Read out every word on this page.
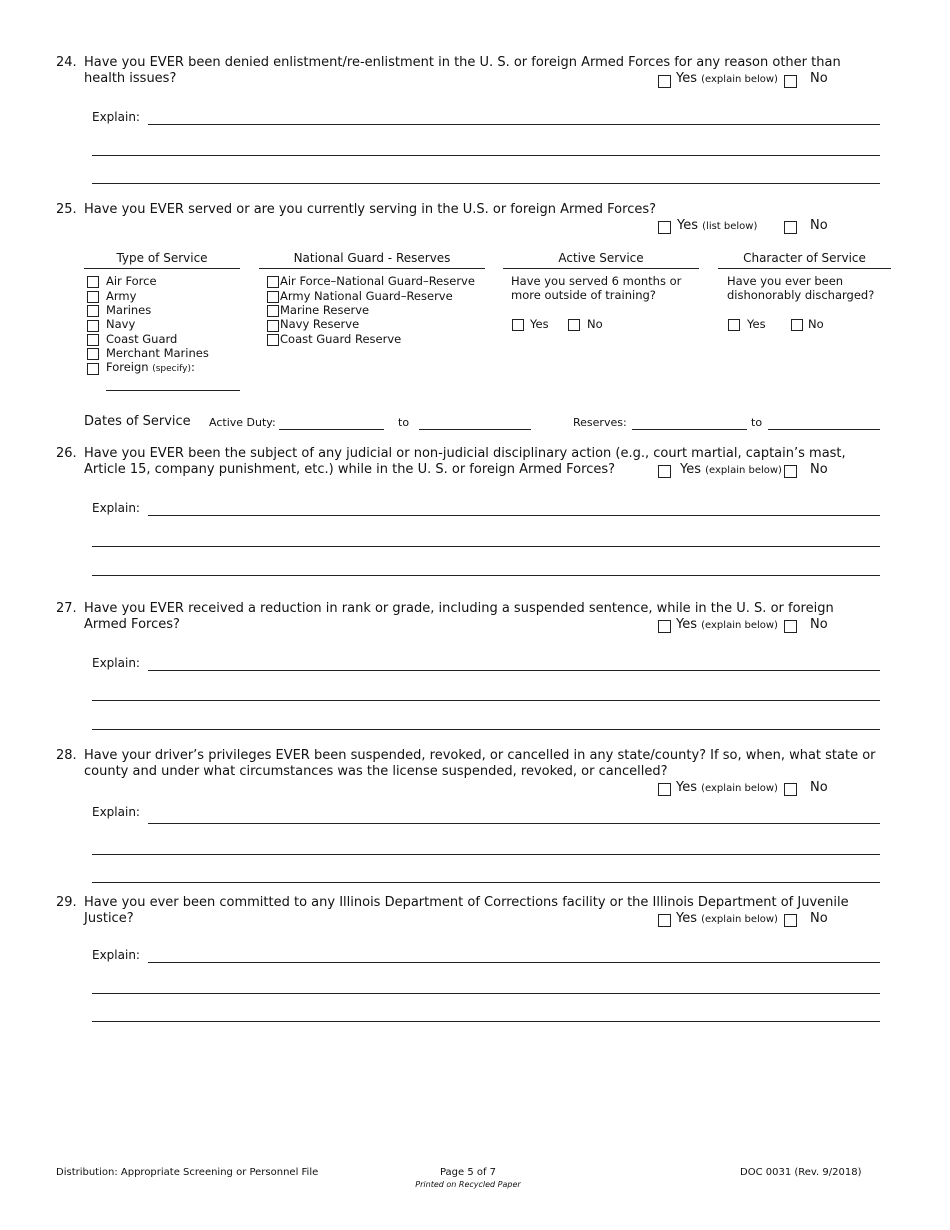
24. Have you EVER been denied enlistment/re-enlistment in the U. S. or foreign Armed Forces for any reason other than health issues?	Yes (explain below) No
Explain:
25. Have you EVER served or are you currently serving in the U.S. or foreign Armed Forces?
Yes (list below)	No
Type of Service	National Guard - Reserves	Active Service	Character of Service
Air Force
Army
Marines
Navy
Coast Guard
Merchant Marines
Foreign (specify):
Air Force–National Guard–Reserve
Army National Guard–Reserve
Marine Reserve
Navy Reserve
Coast Guard Reserve
Have you served 6 months or more outside of training?
Yes	No
Have you ever been dishonorably discharged?
Yes	No
Dates of Service Active Duty:	to	Reserves:	to
26. Have you EVER been the subject of any judicial or non-judicial disciplinary action (e.g., court martial, captain’s mast, Article 15, company punishment, etc.) while in the U. S. or foreign Armed Forces?	Yes (explain below) No
Explain:
27. Have you EVER received a reduction in rank or grade, including a suspended sentence, while in the U. S. or foreign Armed Forces?	Yes (explain below) No
Explain:
28. Have your driver’s privileges EVER been suspended, revoked, or cancelled in any state/county? If so, when, what state or county and under what circumstances was the license suspended, revoked, or cancelled?
Yes (explain below) No
Explain:
29. Have you ever been committed to any Illinois Department of Corrections facility or the Illinois Department of Juvenile Justice?	Yes (explain below) No
Explain:
Distribution: Appropriate Screening or Personnel File	Page 5 of 7
Printed on Recycled Paper
DOC 0031 (Rev. 9/2018)
